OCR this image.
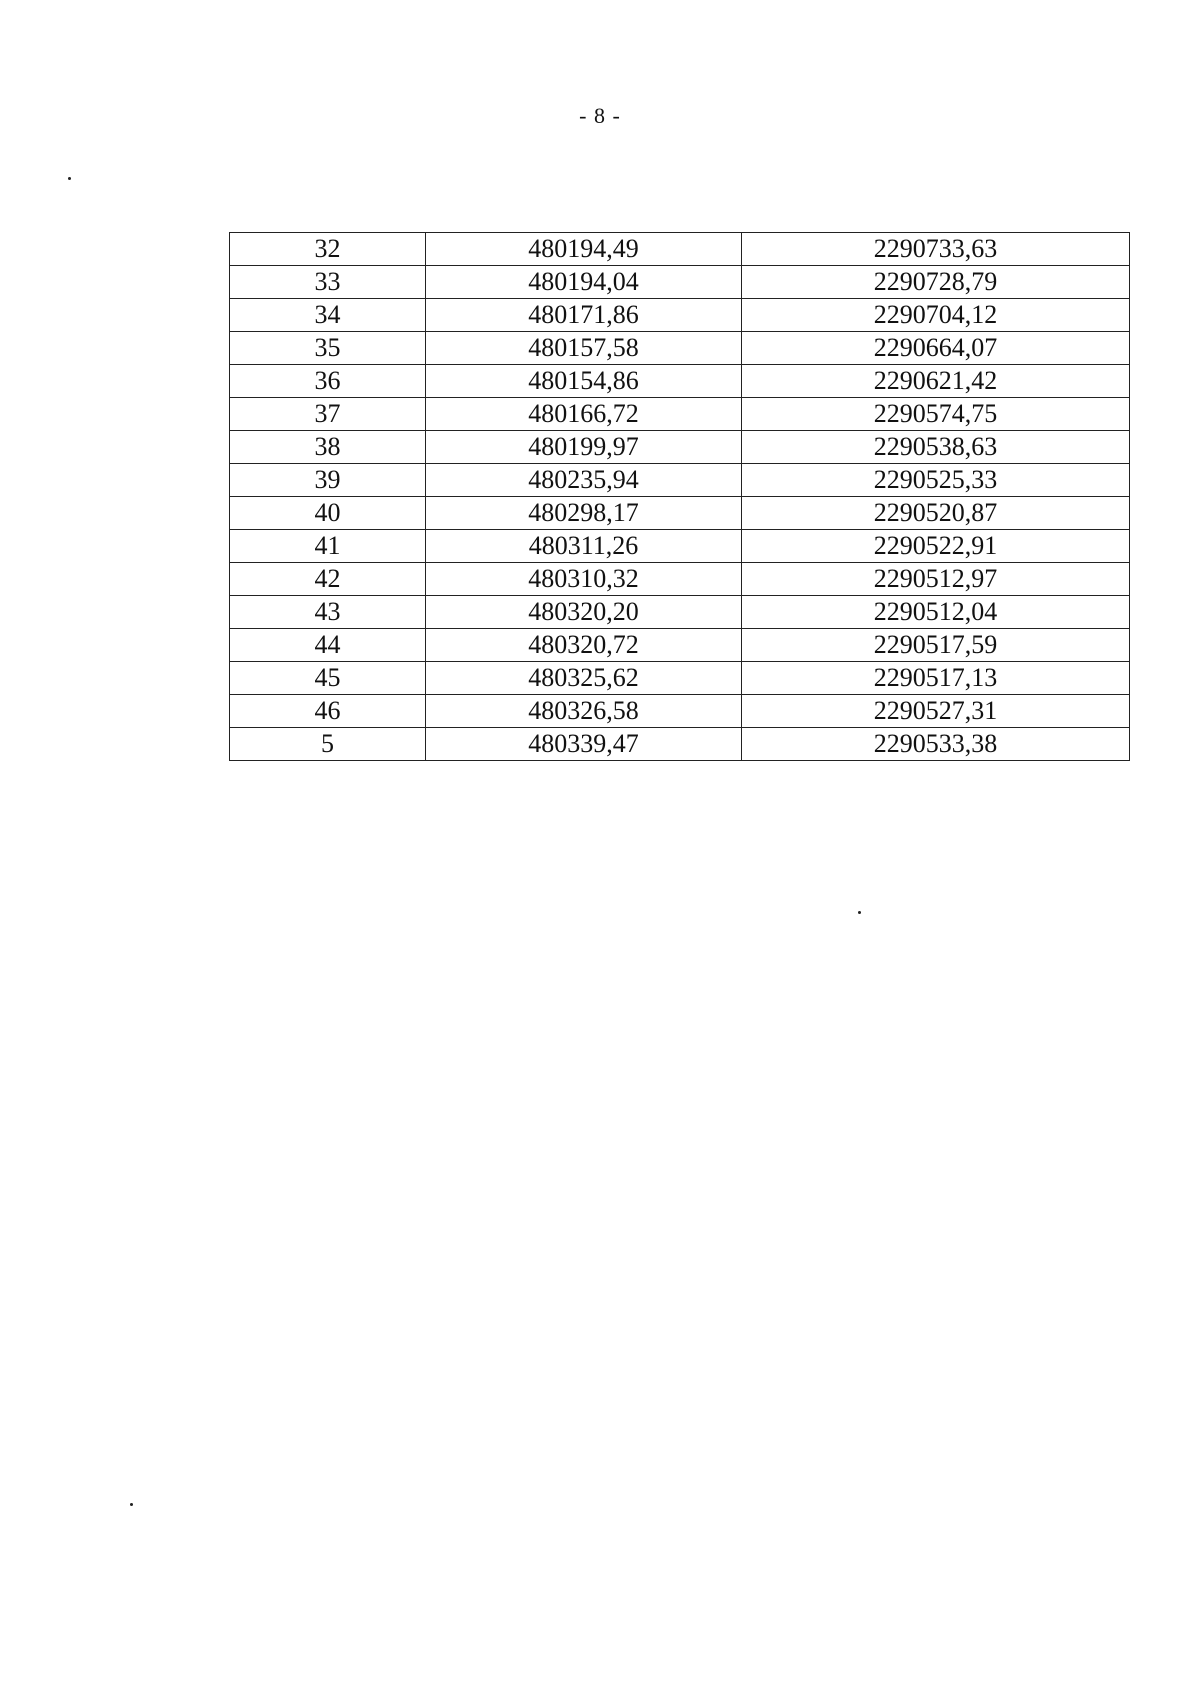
- 8 -
32	480194,49	2290733,63
33	480194,04	2290728,79
34	480171,86	2290704,12
35	480157,58	2290664,07
36	480154,86	2290621,42
37	480166,72	2290574,75
38	480199,97	2290538,63
39	480235,94	2290525,33
40	480298,17	2290520,87
41	480311,26	2290522,91
42	480310,32	2290512,97
43	480320,20	2290512,04
44	480320,72	2290517,59
45	480325,62	2290517,13
46	480326,58	2290527,31
5	480339,47	2290533,38
